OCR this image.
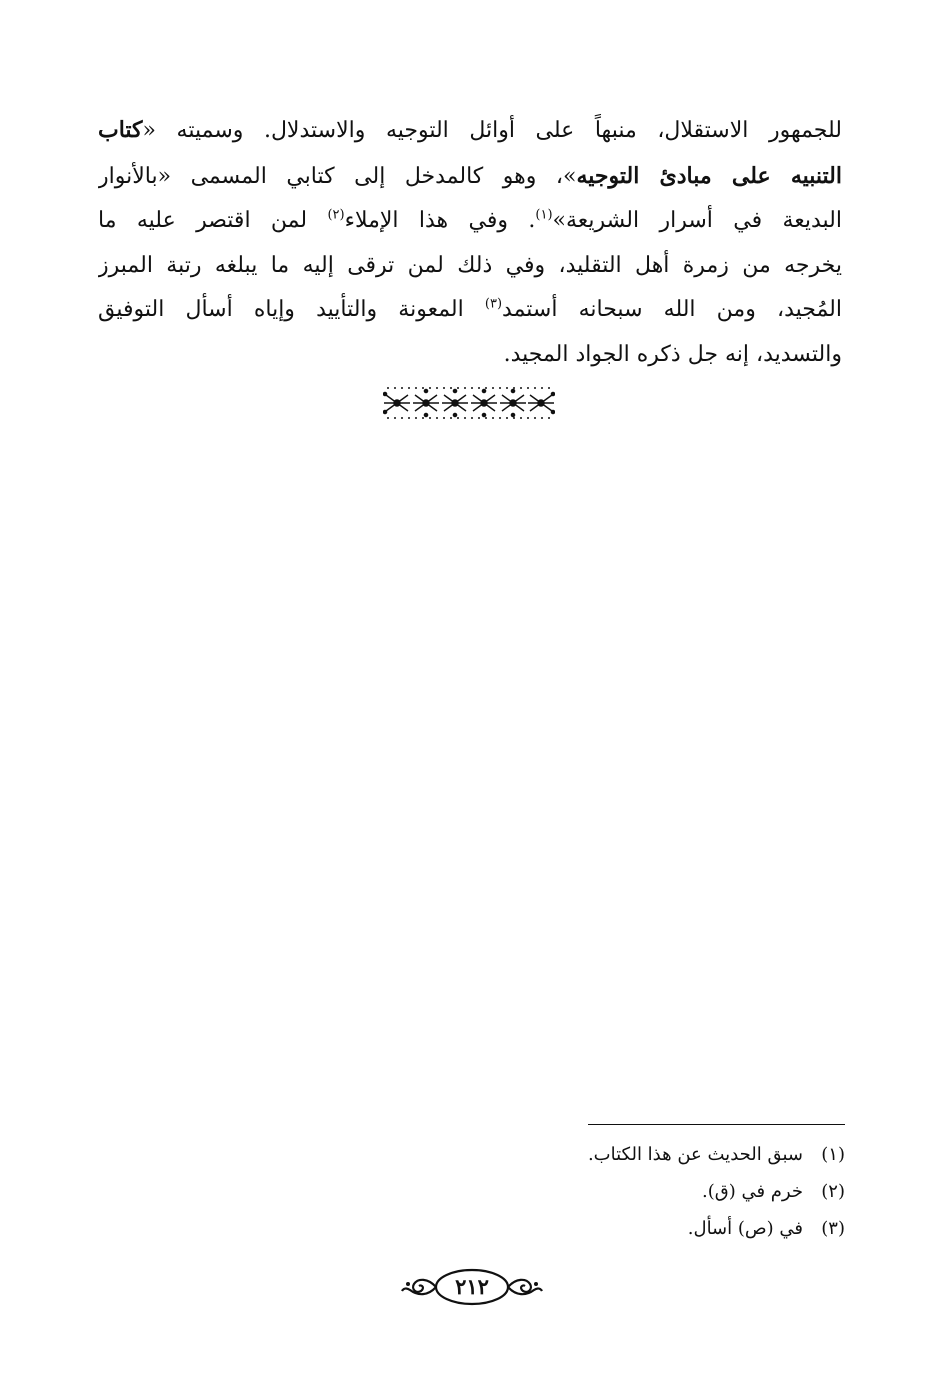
للجمهور الاستقلال، منبهاً على أوائل التوجيه والاستدلال. وسميته «كتاب
التنبيه على مبادئ التوجيه»، وهو كالمدخل إلى كتابي المسمى «بالأنوار
البديعة في أسرار الشريعة»$^{(١)}$. وفي هذا الإملاء$^{(٢)}$ لمن اقتصر عليه ما
يخرجه من زمرة أهل التقليد، وفي ذلك لمن ترقى إليه ما يبلغه رتبة المبرز
المُجيد، ومن الله سبحانه أستمد$^{(٣)}$ المعونة والتأييد وإياه أسأل التوفيق
والتسديد، إنه جل ذكره الجواد المجيد.
(١)
سبق الحديث عن هذا الكتاب.
(٢)
خرم في (ق).
(٣)
في (ص) أسأل.
٢١٢
